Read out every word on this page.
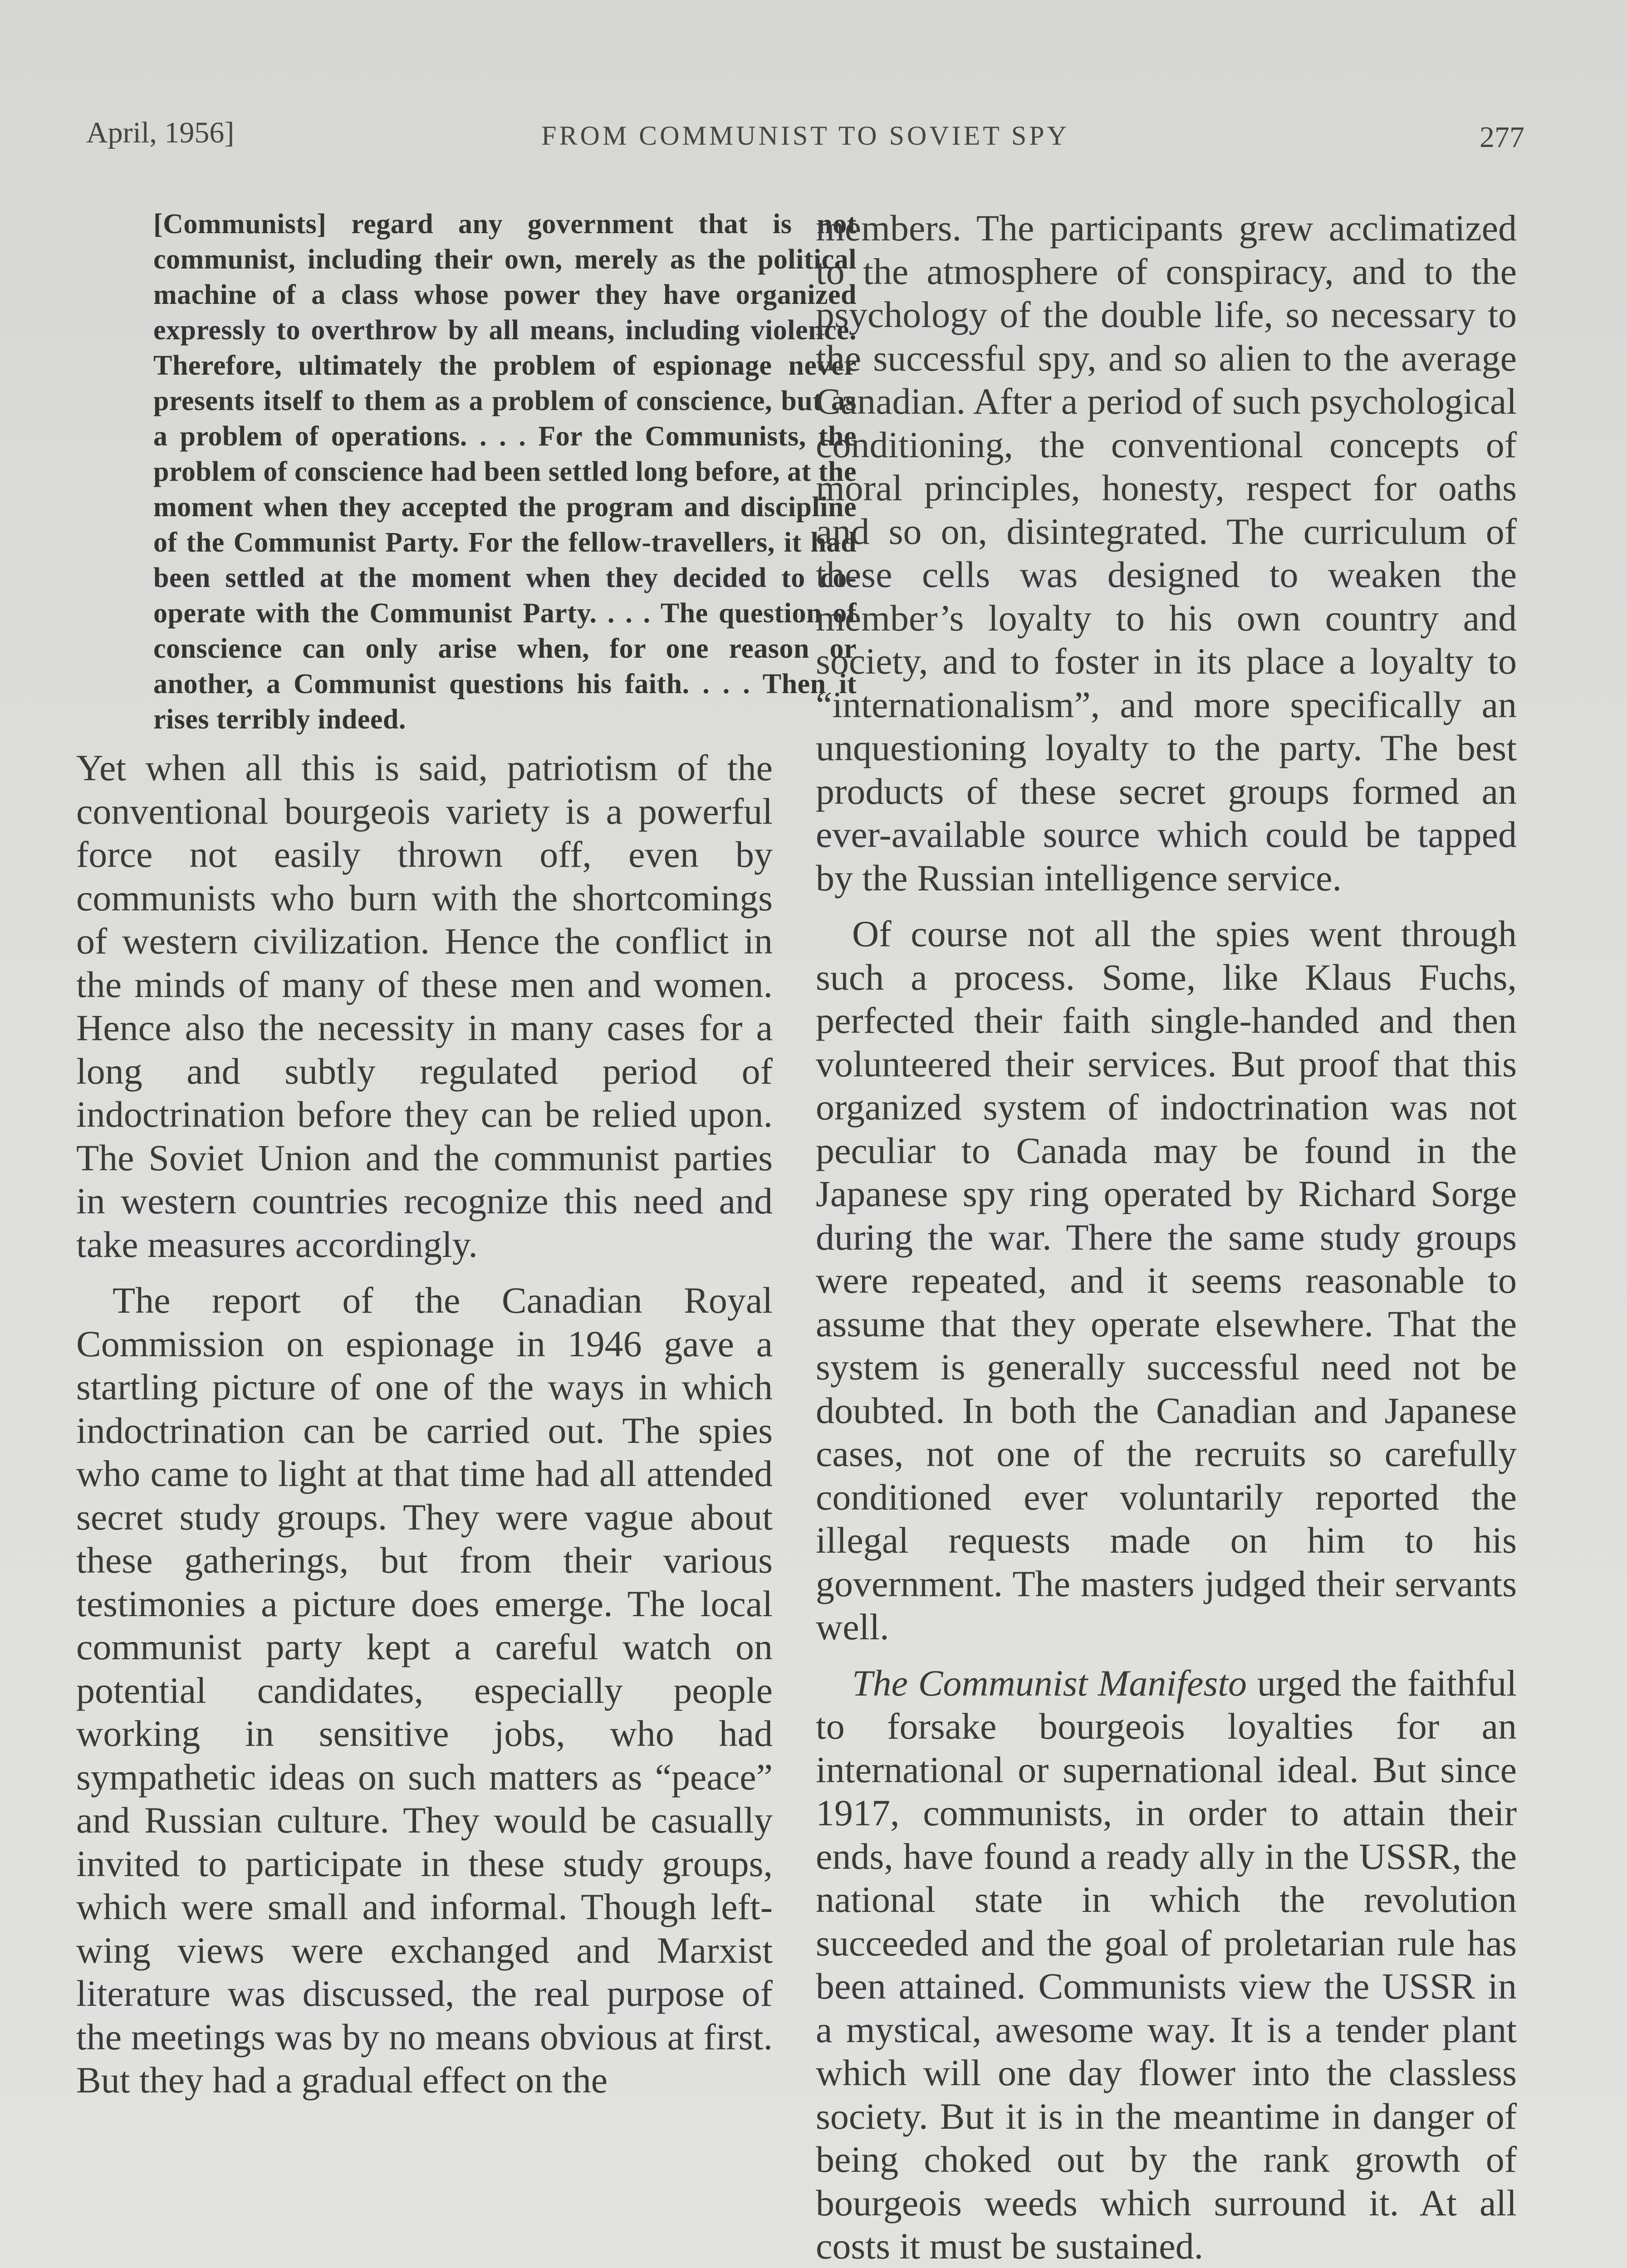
April, 1956]	FROM COMMUNIST TO SOVIET SPY	277
[Communists] regard any government that is not communist, including their own, merely as the political machine of a class whose power they have organized expressly to overthrow by all means, including violence. Therefore, ultimately the problem of espionage never presents itself to them as a problem of conscience, but as a problem of operations. . . . For the Communists, the problem of conscience had been settled long before, at the moment when they accepted the program and discipline of the Communist Party. For the fellow-travellers, it had been settled at the moment when they decided to co-operate with the Communist Party. . . . The question of conscience can only arise when, for one reason or another, a Communist questions his faith. . . . Then it rises terribly indeed.

Yet when all this is said, patriotism of the conventional bourgeois variety is a powerful force not easily thrown off, even by communists who burn with the shortcomings of western civilization. Hence the conflict in the minds of many of these men and women. Hence also the necessity in many cases for a long and subtly regulated period of indoctrination before they can be relied upon. The Soviet Union and the communist parties in western countries recognize this need and take measures accordingly.

The report of the Canadian Royal Commission on espionage in 1946 gave a startling picture of one of the ways in which indoctrination can be carried out. The spies who came to light at that time had all attended secret study groups. They were vague about these gatherings, but from their various testimonies a picture does emerge. The local communist party kept a careful watch on potential candidates, especially people working in sensitive jobs, who had sympathetic ideas on such matters as “peace” and Russian culture. They would be casually invited to participate in these study groups, which were small and informal. Though left-wing views were exchanged and Marxist literature was discussed, the real purpose of the meetings was by no means obvious at first. But they had a gradual effect on the

members. The participants grew acclimatized to the atmosphere of conspiracy, and to the psychology of the double life, so necessary to the successful spy, and so alien to the average Canadian. After a period of such psychological conditioning, the conventional concepts of moral principles, honesty, respect for oaths and so on, disintegrated. The curriculum of these cells was designed to weaken the member’s loyalty to his own country and society, and to foster in its place a loyalty to “internationalism”, and more specifically an unquestioning loyalty to the party. The best products of these secret groups formed an ever-available source which could be tapped by the Russian intelligence service.

Of course not all the spies went through such a process. Some, like Klaus Fuchs, perfected their faith single-handed and then volunteered their services. But proof that this organized system of indoctrination was not peculiar to Canada may be found in the Japanese spy ring operated by Richard Sorge during the war. There the same study groups were repeated, and it seems reasonable to assume that they operate elsewhere. That the system is generally successful need not be doubted. In both the Canadian and Japanese cases, not one of the recruits so carefully conditioned ever voluntarily reported the illegal requests made on him to his government. The masters judged their servants well.

The Communist Manifesto urged the faithful to forsake bourgeois loyalties for an international or supernational ideal. But since 1917, communists, in order to attain their ends, have found a ready ally in the USSR, the national state in which the revolution succeeded and the goal of proletarian rule has been attained. Communists view the USSR in a mystical, awesome way. It is a tender plant which will one day flower into the classless society. But it is in the meantime in danger of being choked out by the rank growth of bourgeois weeds which surround it. At all costs it must be sustained.
